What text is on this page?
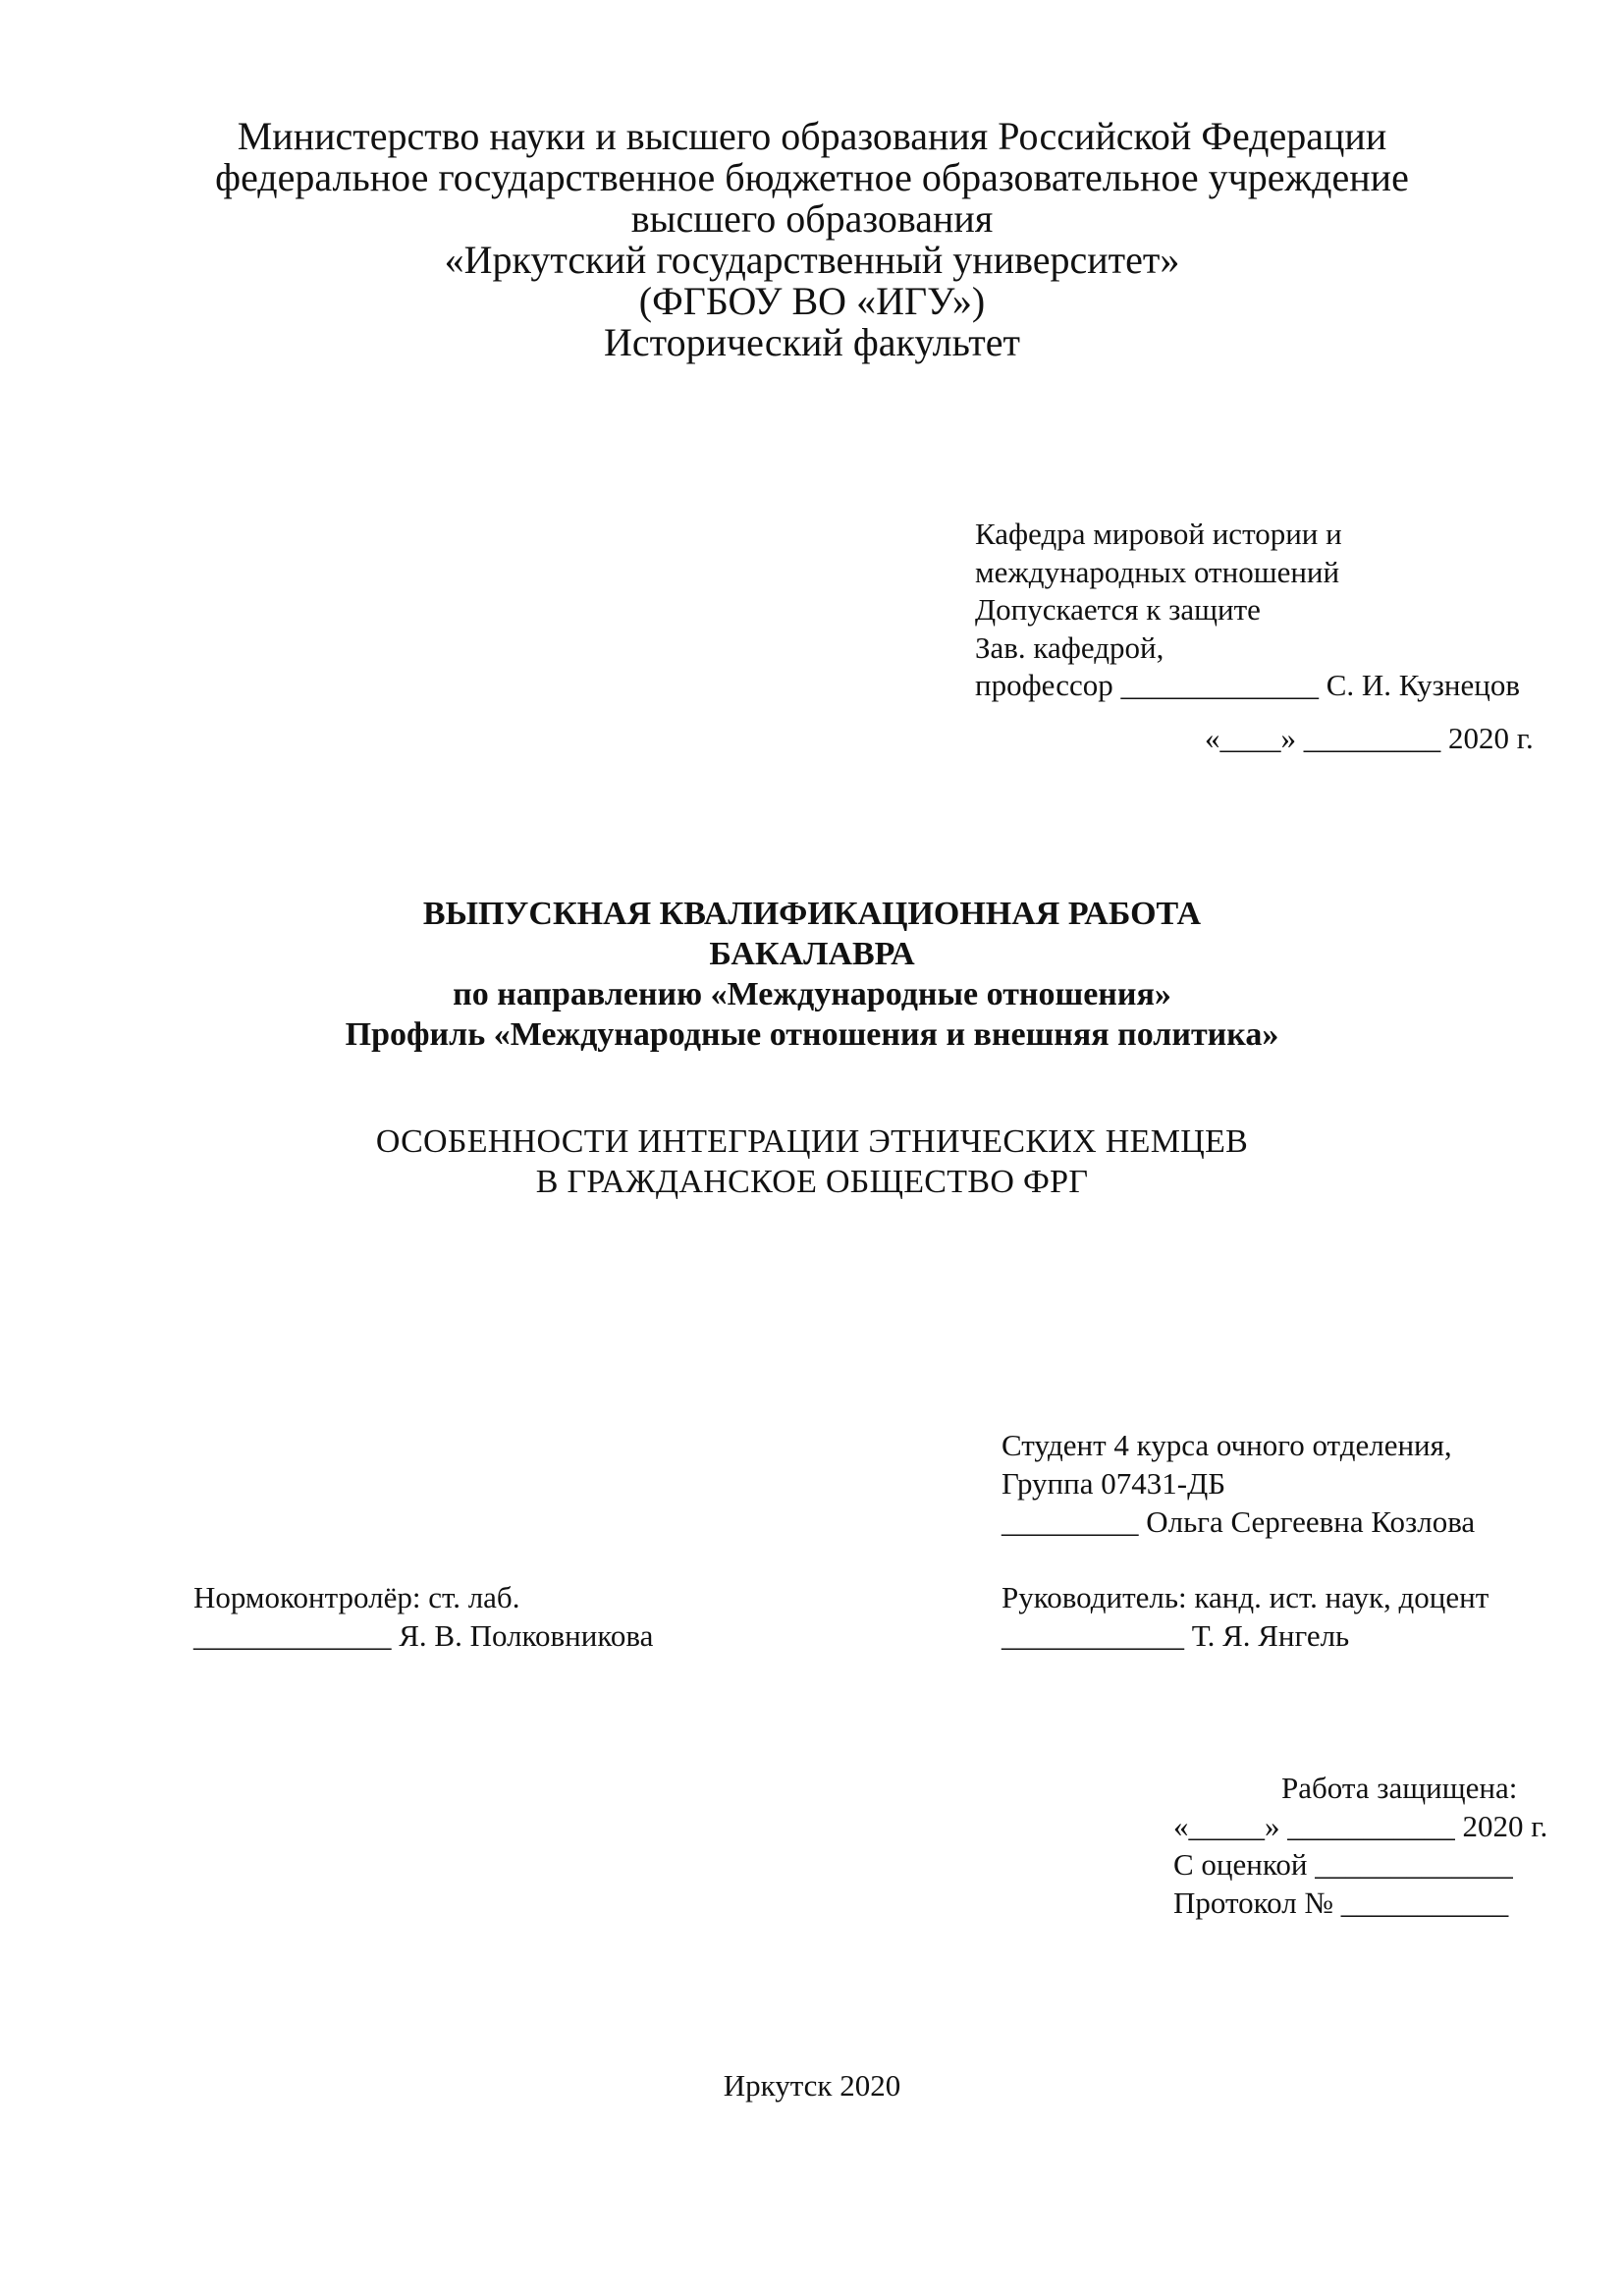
Министерство науки и высшего образования Российской Федерации
федеральное государственное бюджетное образовательное учреждение
высшего образования
«Иркутский государственный университет»
(ФГБОУ ВО «ИГУ»)
Исторический факультет
Кафедра мировой истории и
международных отношений
Допускается к защите
Зав. кафедрой,
профессор _____________ С. И. Кузнецов
«____» _________ 2020 г.
ВЫПУСКНАЯ КВАЛИФИКАЦИОННАЯ РАБОТА
БАКАЛАВРА
по направлению «Международные отношения»
Профиль «Международные отношения и внешняя политика»
ОСОБЕННОСТИ ИНТЕГРАЦИИ ЭТНИЧЕСКИХ НЕМЦЕВ
В ГРАЖДАНСКОЕ ОБЩЕСТВО ФРГ
Студент 4 курса очного отделения,
Группа 07431-ДБ
_________ Ольга Сергеевна Козлова
Нормоконтролёр: ст. лаб.
_____________ Я. В. Полковникова
Руководитель: канд. ист. наук, доцент
____________ Т. Я. Янгель
Работа защищена:
«_____» ___________ 2020 г.
С оценкой _____________
Протокол № ___________
Иркутск 2020
